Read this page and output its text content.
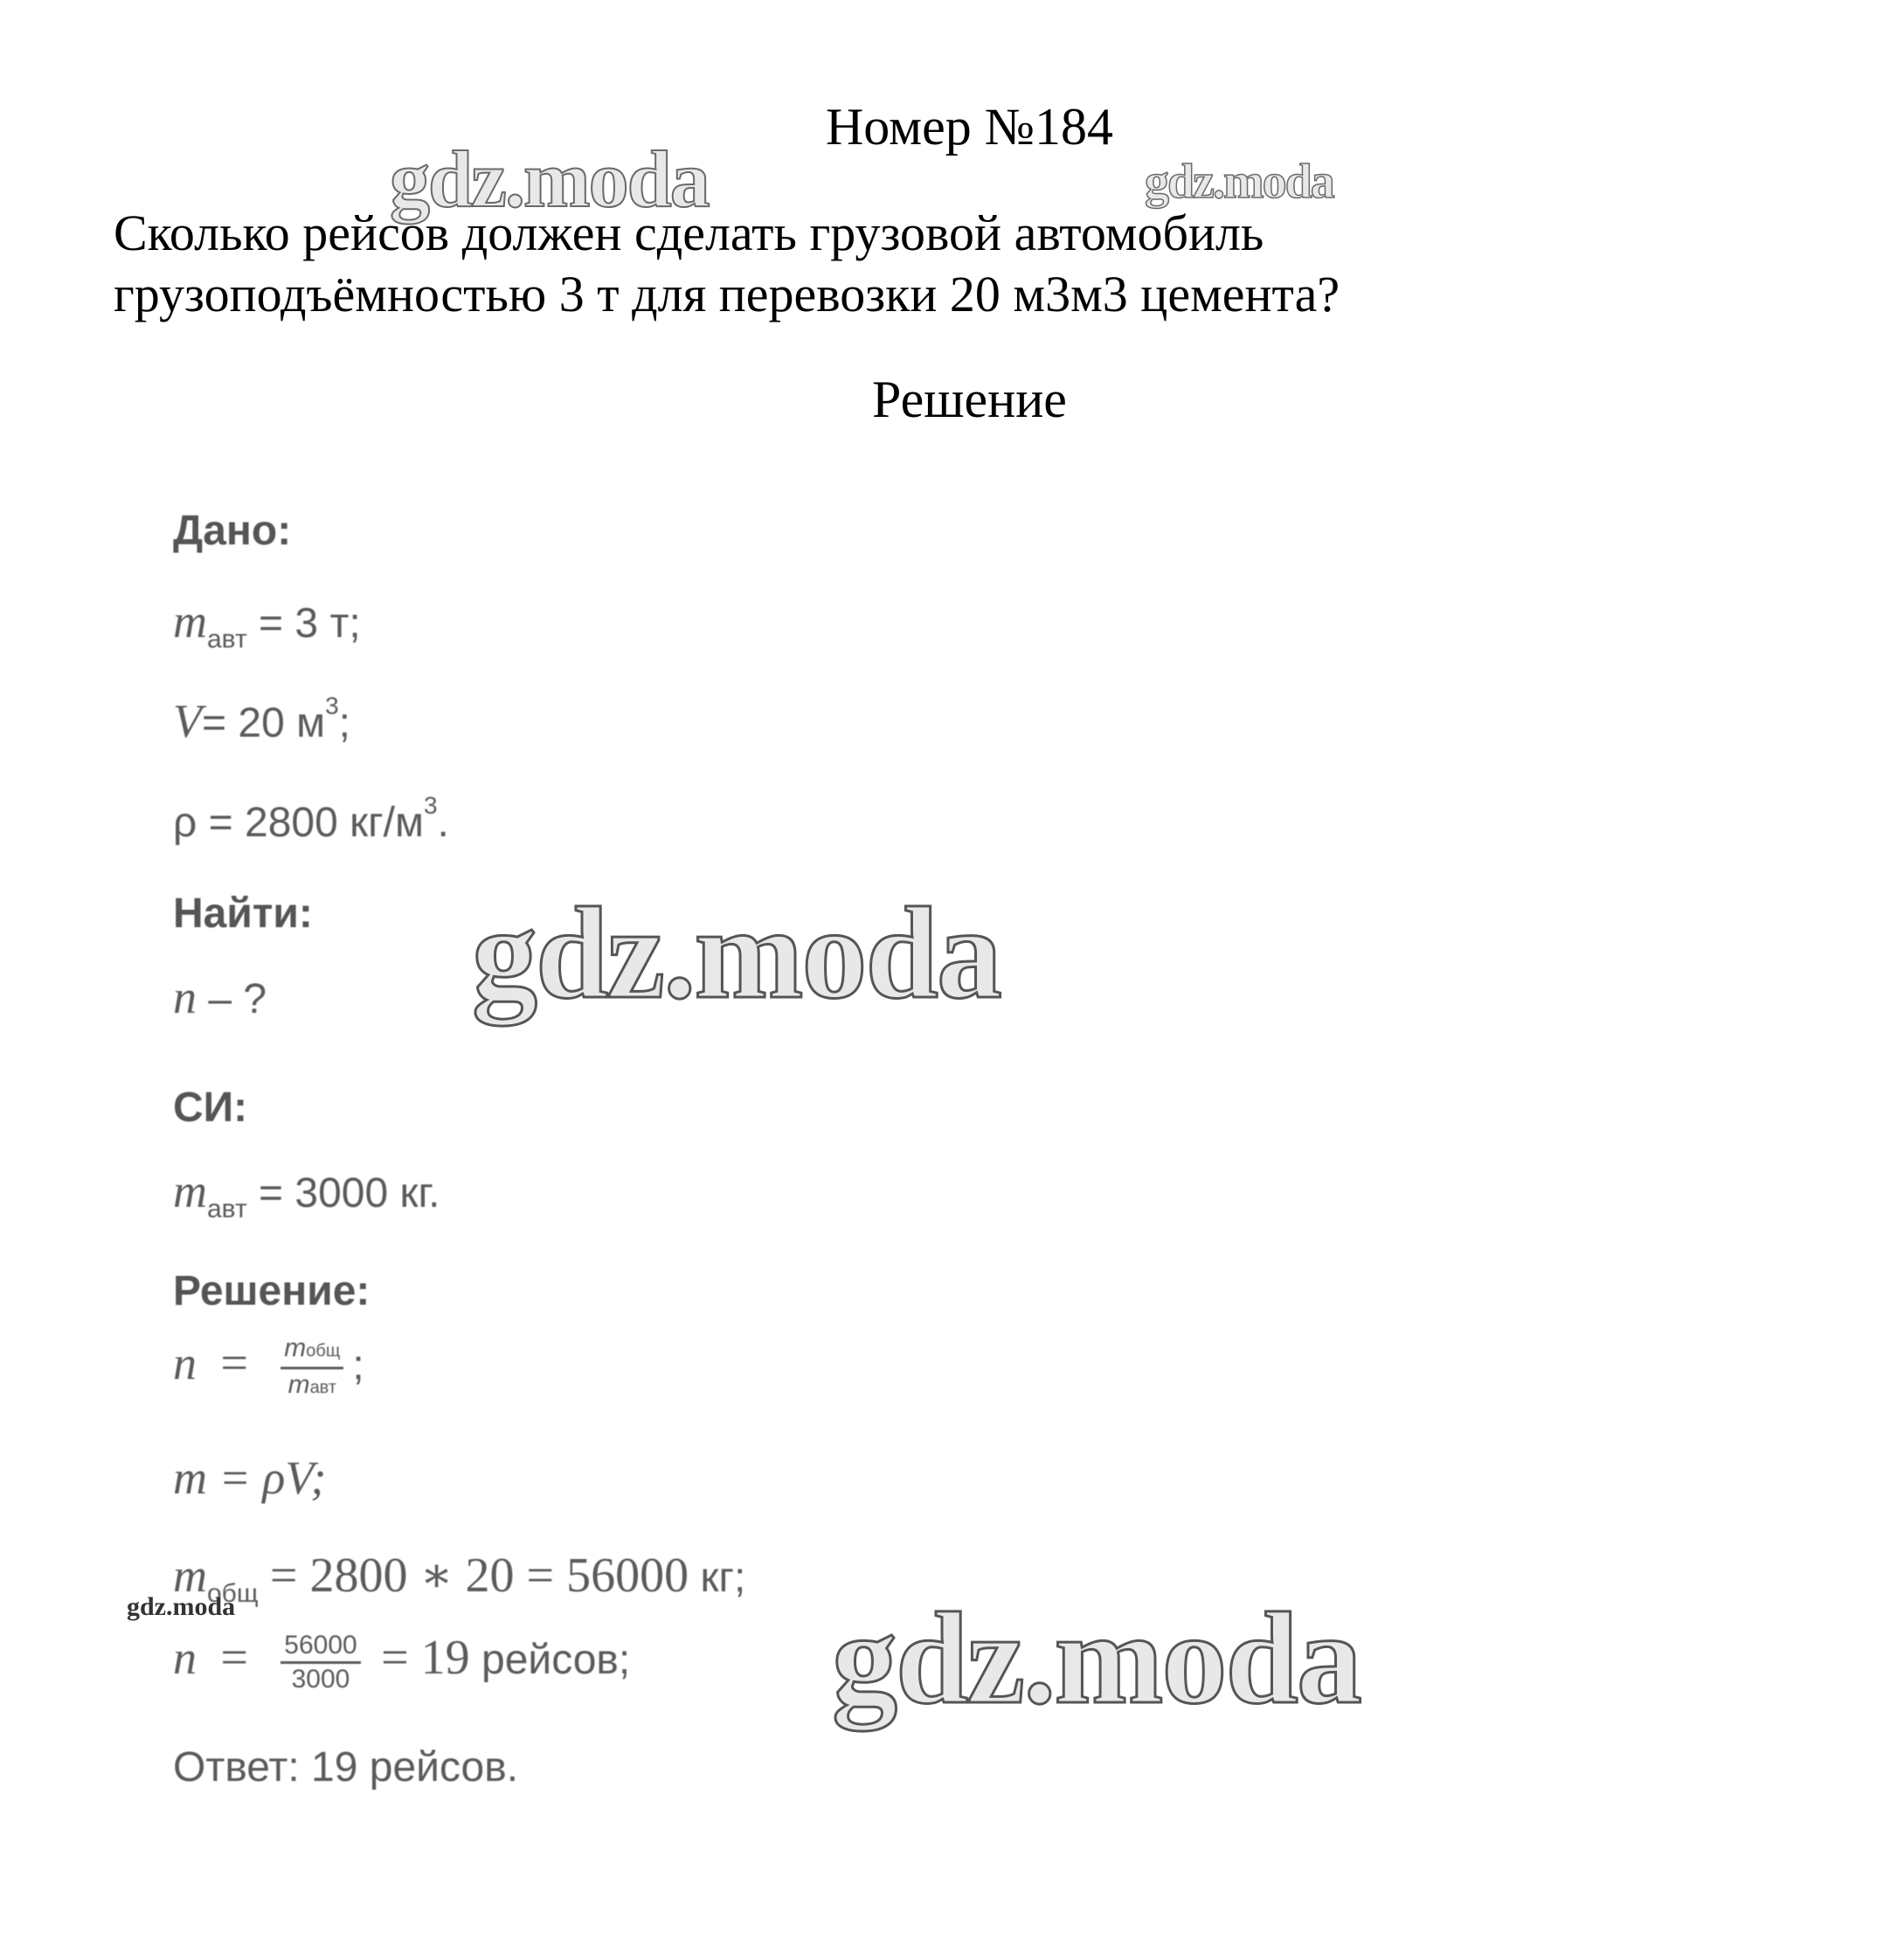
Номер №184

Сколько рейсов должен сделать грузовой автомобиль
грузоподъёмностью 3 т для перевозки 20 м3м3 цемента?

Решение
Дано:
$m_{авт} = 3$ т;
V= 20 $м^3$;
ρ = 2800 $кг/м^3$.
Найти:
n – ?
СИ:
$m_{авт} = 3000$ кг.
Решение:
$n = \frac{\text{mобщ}}{\text{mавт}}$ ;
m = ρV;
$m_{общ} = 2800$ ∗ 20 = 56000 кг;
$n = \frac{56000}{3000} = 19$ рейсов;
Ответ: 19 рейсов.
gdz.moda	gdz.moda
gdz.moda
gdz.moda	gdz.moda
